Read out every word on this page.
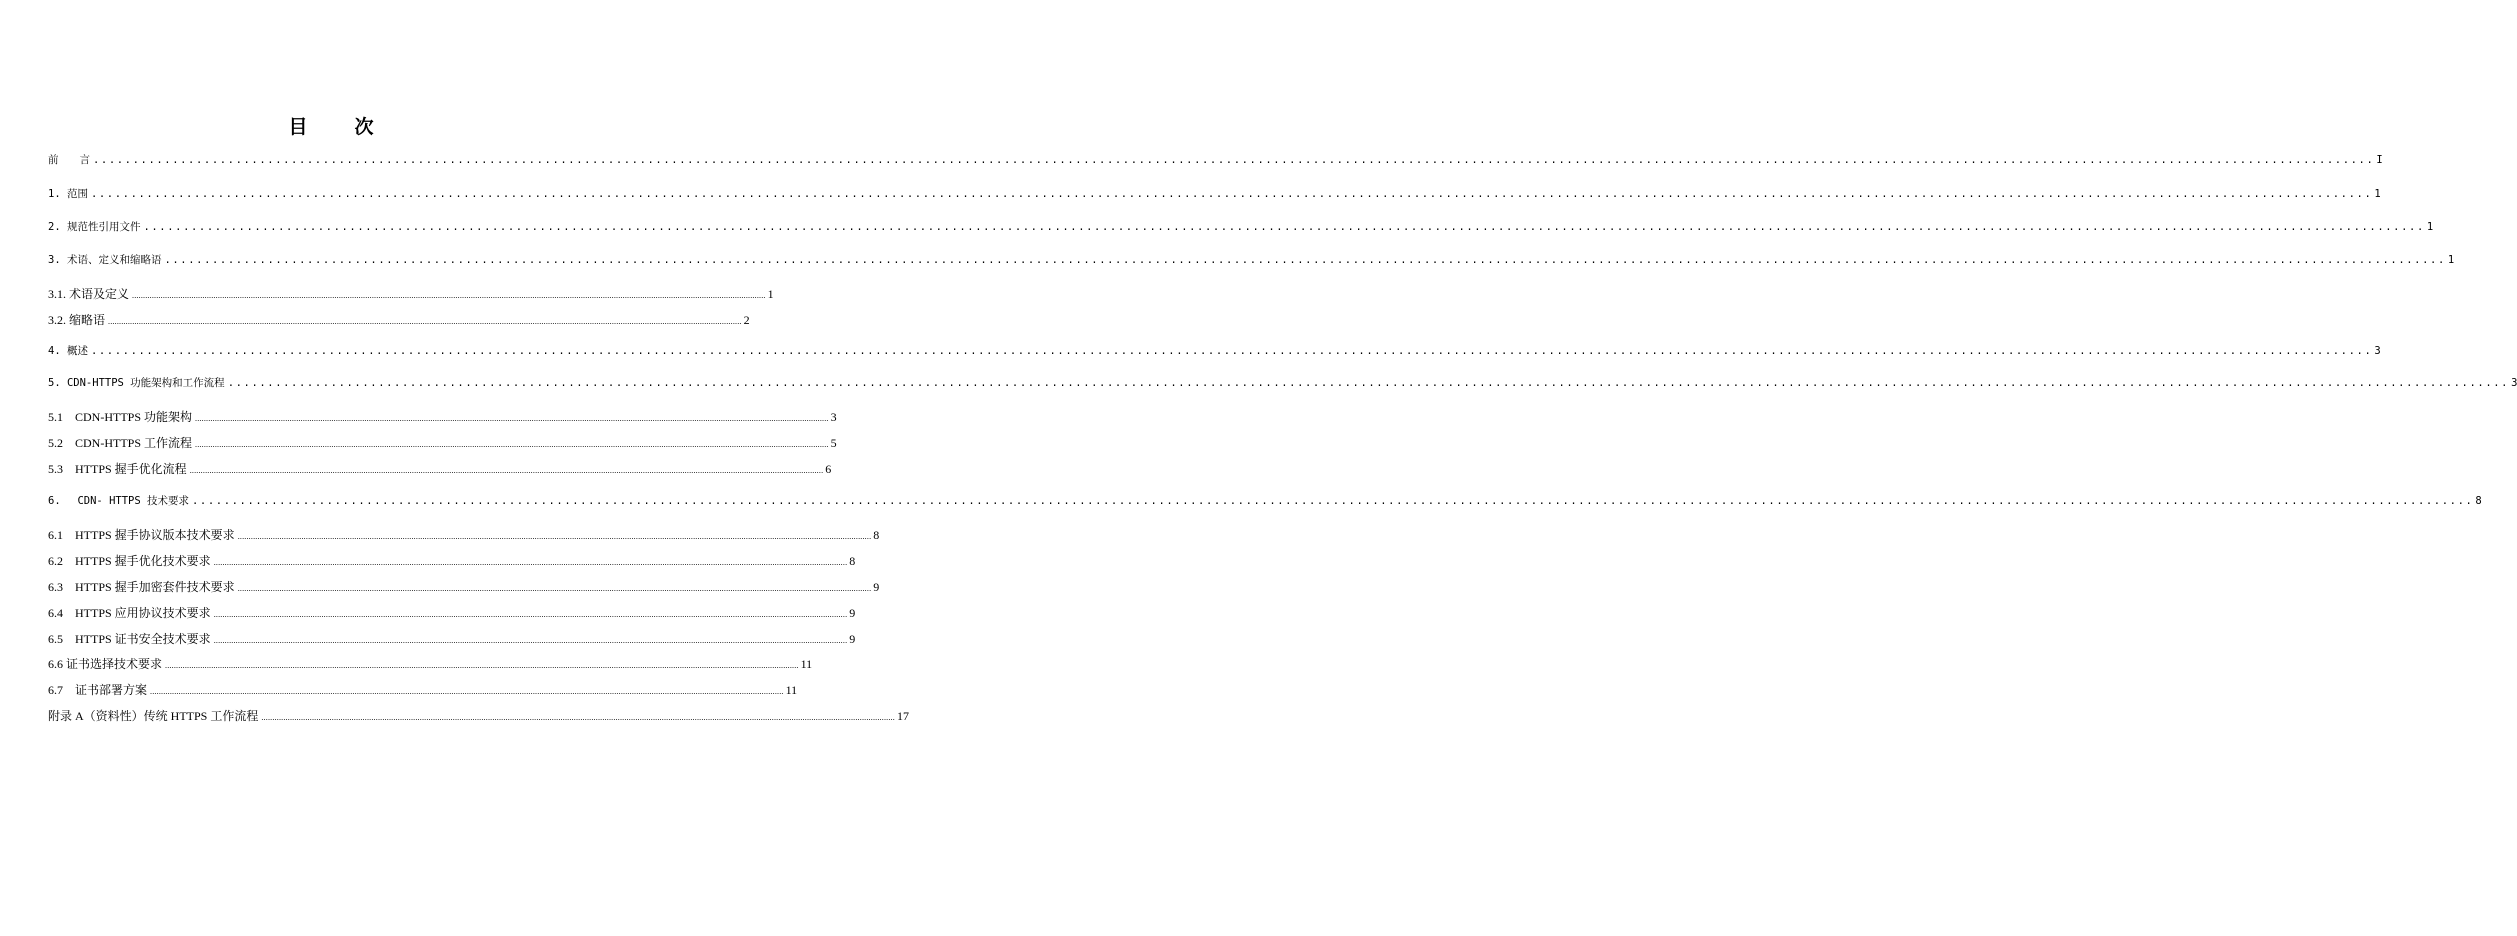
目　次
前　　言 ................................................................................................................................................................................................................................................................................................ I
1. 范围 ................................................................................................................................................................................................................................................................................................ 1
2. 规范性引用文件 ................................................................................................................................................................................................................................................................................................ 1
3. 术语、定义和缩略语 ................................................................................................................................................................................................................................................................................................ 1
3.1. 术语及定义 ................................................................................................................................................................................................................................................................................................ 1
3.2. 缩略语 ................................................................................................................................................................................................................................................................................................ 2
4. 概述 ................................................................................................................................................................................................................................................................................................ 3
5. CDN-HTTPS 功能架构和工作流程 ................................................................................................................................................................................................................................................................................................ 3
5.1　CDN-HTTPS 功能架构 ................................................................................................................................................................................................................................................................................................ 3
5.2　CDN-HTTPS 工作流程 ................................................................................................................................................................................................................................................................................................ 5
5.3　HTTPS 握手优化流程 ................................................................................................................................................................................................................................................................................................ 6
6.　 CDN- HTTPS 技术要求 ................................................................................................................................................................................................................................................................................................ 8
6.1　HTTPS 握手协议版本技术要求 ................................................................................................................................................................................................................................................................................................ 8
6.2　HTTPS 握手优化技术要求 ................................................................................................................................................................................................................................................................................................ 8
6.3　HTTPS 握手加密套件技术要求 ................................................................................................................................................................................................................................................................................................ 9
6.4　HTTPS 应用协议技术要求 ................................................................................................................................................................................................................................................................................................ 9
6.5　HTTPS 证书安全技术要求 ................................................................................................................................................................................................................................................................................................ 9
6.6 证书选择技术要求 ................................................................................................................................................................................................................................................................................................ 11
6.7　证书部署方案 ................................................................................................................................................................................................................................................................................................ 11
附录 A（资料性）传统 HTTPS 工作流程 ................................................................................................................................................................................................................................................................................................ 17
